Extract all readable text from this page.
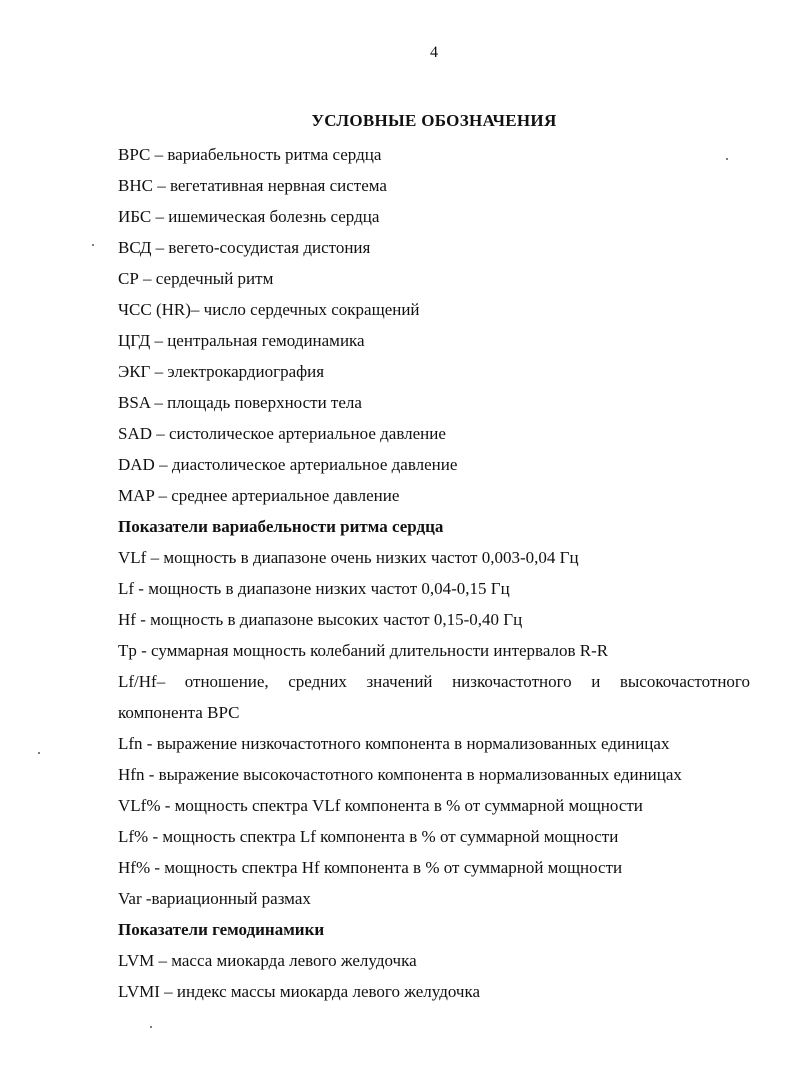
4
УСЛОВНЫЕ ОБОЗНАЧЕНИЯ
ВРС – вариабельность ритма сердца
ВНС – вегетативная нервная система
ИБС – ишемическая болезнь сердца
ВСД – вегето-сосудистая дистония
СР – сердечный ритм
ЧСС (HR)– число сердечных сокращений
ЦГД – центральная гемодинамика
ЭКГ – электрокардиография
BSA – площадь поверхности тела
SAD – систолическое артериальное давление
DAD – диастолическое артериальное давление
MAP – среднее артериальное давление
Показатели вариабельности ритма сердца
VLf – мощность в диапазоне очень низких частот 0,003-0,04 Гц
Lf - мощность в диапазоне низких частот 0,04-0,15 Гц
Hf - мощность в диапазоне высоких частот 0,15-0,40 Гц
Tp - суммарная мощность колебаний длительности интервалов R-R
Lf/Hf– отношение, средних значений низкочастотного и высокочастотного
компонента ВРС
Lfn - выражение низкочастотного компонента в нормализованных единицах
Hfn - выражение высокочастотного компонента в нормализованных единицах
VLf% - мощность спектра VLf компонента в % от суммарной мощности
Lf% - мощность спектра Lf компонента в % от суммарной мощности
Hf% - мощность спектра Hf компонента в % от суммарной мощности
Var -вариационный размах
Показатели гемодинамики
LVM – масса миокарда левого желудочка
LVMI – индекс массы миокарда левого желудочка
